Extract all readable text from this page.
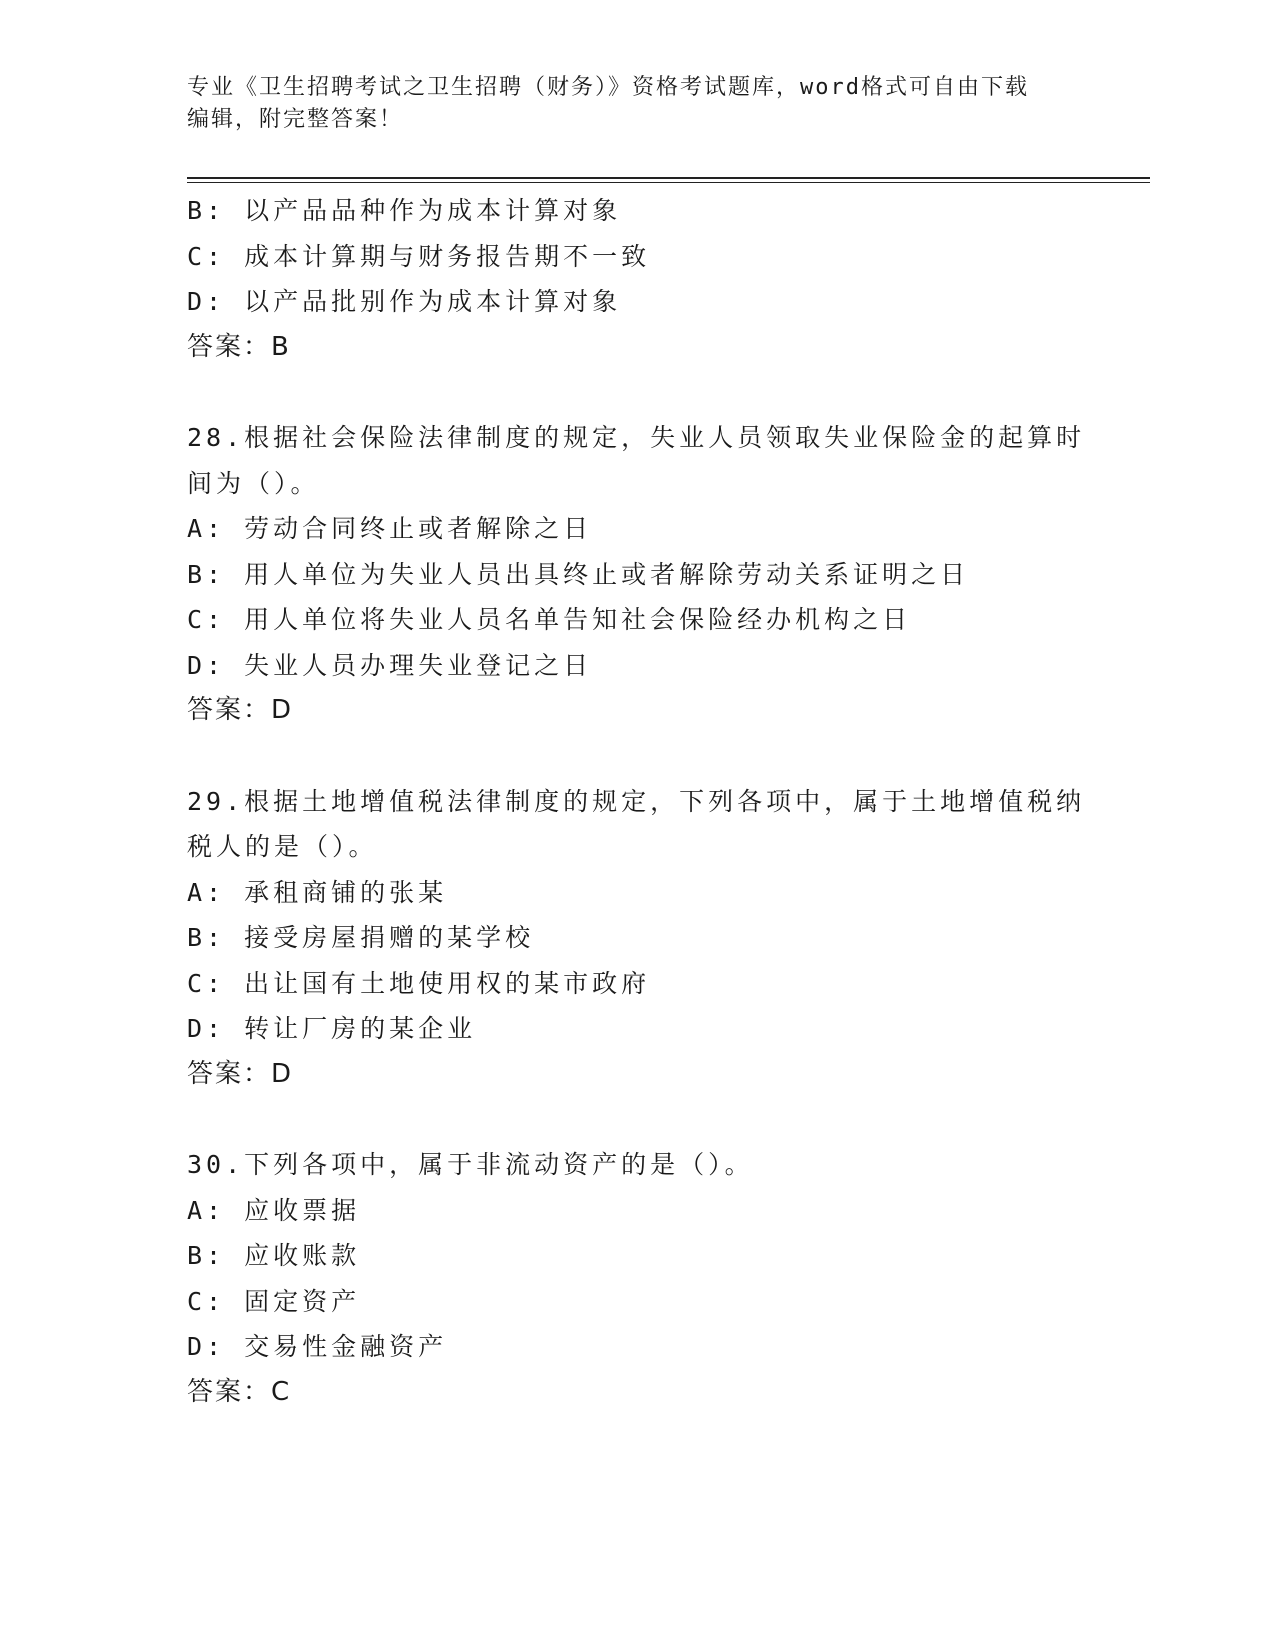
专业《卫生招聘考试之卫生招聘（财务）》资格考试题库，word格式可自由下载
编辑，附完整答案！
B: 以产品品种作为成本计算对象
C: 成本计算期与财务报告期不一致
D: 以产品批别作为成本计算对象
答案：B
28.根据社会保险法律制度的规定，失业人员领取失业保险金的起算时
间为（）。
A: 劳动合同终止或者解除之日
B: 用人单位为失业人员出具终止或者解除劳动关系证明之日
C: 用人单位将失业人员名单告知社会保险经办机构之日
D: 失业人员办理失业登记之日
答案：D
29.根据土地增值税法律制度的规定，下列各项中，属于土地增值税纳
税人的是（）。
A: 承租商铺的张某
B: 接受房屋捐赠的某学校
C: 出让国有土地使用权的某市政府
D: 转让厂房的某企业
答案：D
30.下列各项中，属于非流动资产的是（）。
A: 应收票据
B: 应收账款
C: 固定资产
D: 交易性金融资产
答案：C
